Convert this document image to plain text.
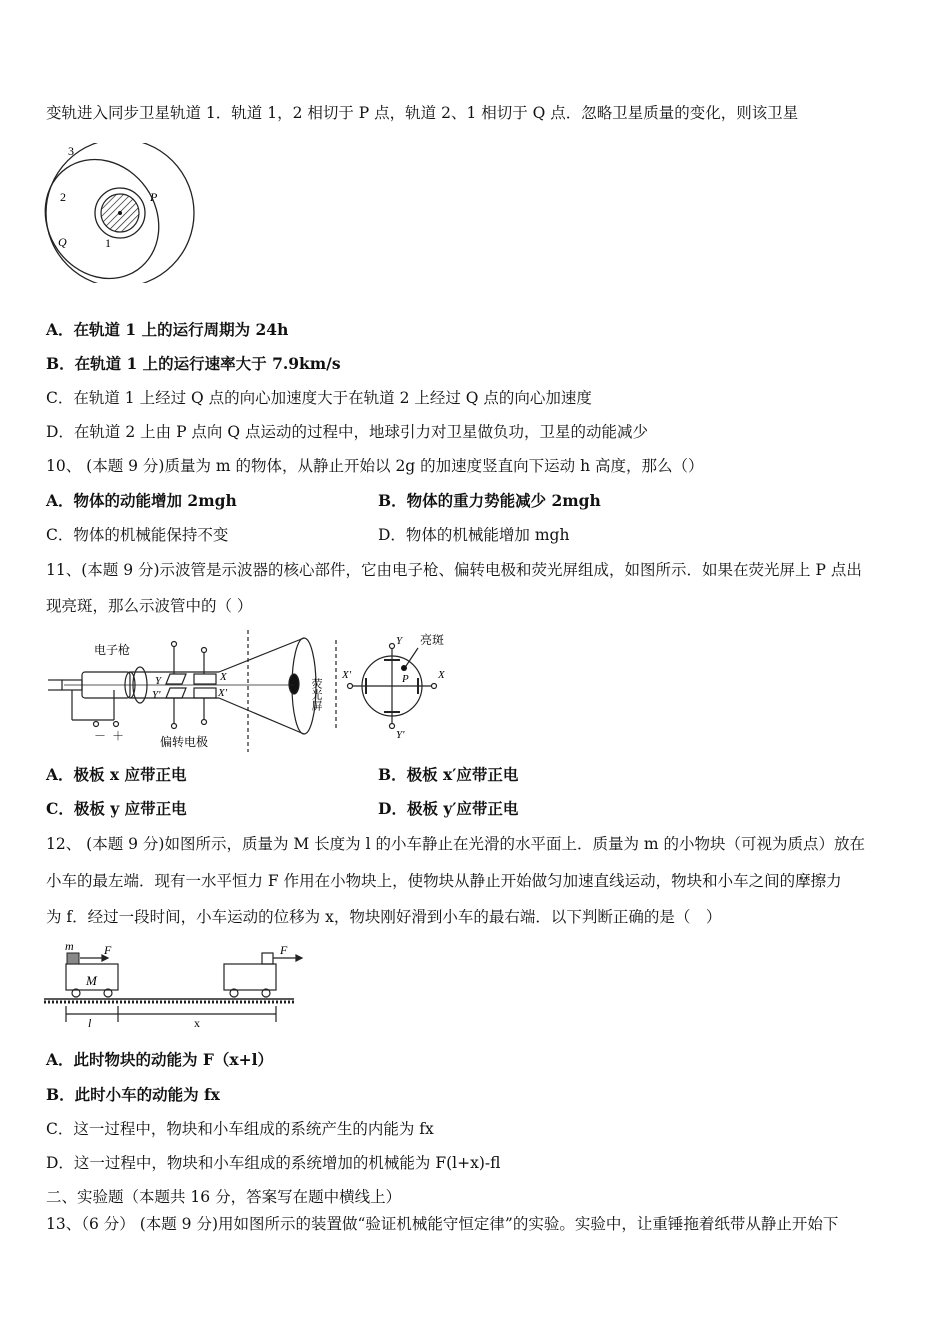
变轨进入同步卫星轨道 1．轨道 1，2 相切于 P 点，轨道 2、1 相切于 Q 点．忽略卫星质量的变化，则该卫星
3
2	P
Q	1
A．在轨道 1 上的运行周期为 24h
B．在轨道 1 上的运行速率大于 7.9km/s
C．在轨道 1 上经过 Q 点的向心加速度大于在轨道 2 上经过 Q 点的向心加速度
D．在轨道 2 上由 P 点向 Q 点运动的过程中，地球引力对卫星做负功，卫星的动能减少
10、 (本题 9 分)质量为 m 的物体，从静止开始以 2g 的加速度竖直向下运动 h 高度，那么（）
A．物体的动能增加 2mgh	B．物体的重力势能减少 2mgh
C．物体的机械能保持不变	D．物体的机械能增加 mgh
11、(本题 9 分)示波管是示波器的核心部件，它由电子枪、偏转电极和荧光屏组成，如图所示．如果在荧光屏上 P 点出
现亮斑，那么示波管中的（ ）
电子枪
偏转电极
－ ＋
Y
Y'
X
X'	荧光屏
亮斑
Y
Y'
X'	X
P
A．极板 x 应带正电	B．极板 x′应带正电
C．极板 y 应带正电	D．极板 y′应带正电
12、 (本题 9 分)如图所示，质量为 M 长度为 l 的小车静止在光滑的水平面上．质量为 m 的小物块（可视为质点）放在
小车的最左端．现有一水平恒力 F 作用在小物块上，使物块从静止开始做匀加速直线运动，物块和小车之间的摩擦力
为 f．经过一段时间，小车运动的位移为 x，物块刚好滑到小车的最右端．以下判断正确的是（　）
m	F	F
M
l	x
A．此时物块的动能为 F（x+l）
B．此时小车的动能为 fx
C．这一过程中，物块和小车组成的系统产生的内能为 fx
D．这一过程中，物块和小车组成的系统增加的机械能为 F(l+x)-fl
二、实验题（本题共 16 分，答案写在题中横线上）
13、（6 分） (本题 9 分)用如图所示的装置做“验证机械能守恒定律”的实验。实验中，让重锤拖着纸带从静止开始下
